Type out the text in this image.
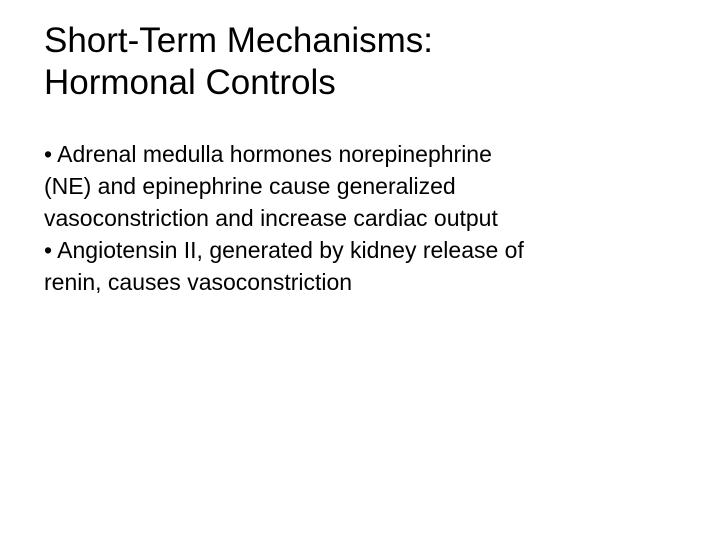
Short-Term Mechanisms:
Hormonal Controls
• Adrenal medulla hormones norepinephrine
(NE) and epinephrine cause generalized
vasoconstriction and increase cardiac output
• Angiotensin II, generated by kidney release of
renin, causes vasoconstriction
